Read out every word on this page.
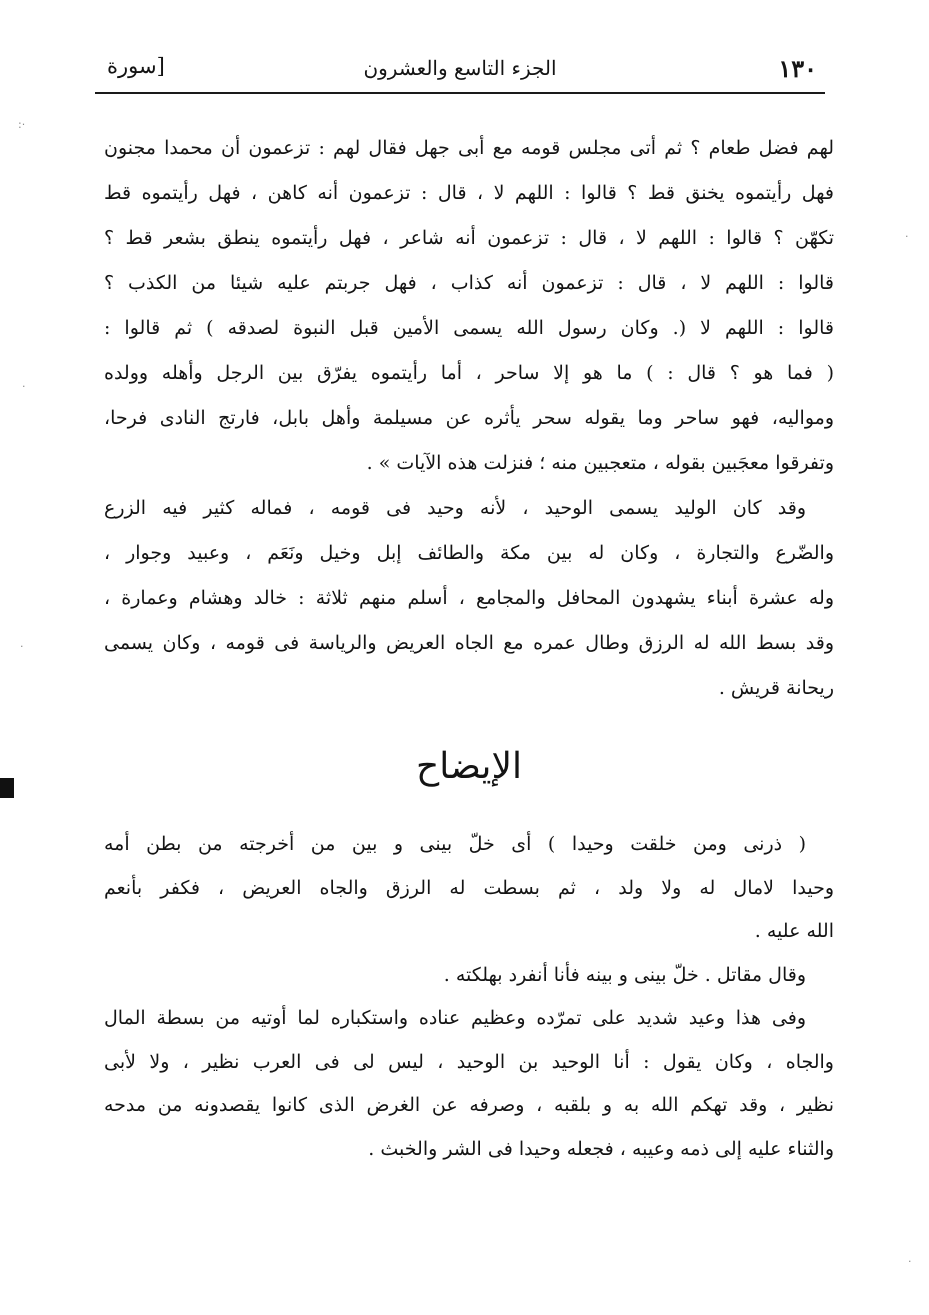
١٣٠
الجزء التاسع والعشرون
[سورة
لهم فضل طعام ؟ ثم أتى مجلس قومه مع أبى جهل فقال لهم : تزعمون أن محمدا مجنون
فهل رأيتموه يخنق قط ؟ قالوا : اللهم لا ، قال : تزعمون أنه كاهن ، فهل رأيتموه قط
تكهّن ؟ قالوا : اللهم لا ، قال : تزعمون أنه شاعر ، فهل رأيتموه ينطق بشعر قط ؟
قالوا : اللهم لا ، قال : تزعمون أنه كذاب ، فهل جربتم عليه شيئا من الكذب ؟
قالوا : اللهم لا (. وكان رسول الله يسمى الأمين قبل النبوة لصدقه ) ثم قالوا :
( فما هو ؟ قال : ) ما هو إلا ساحر ، أما رأيتموه يفرّق بين الرجل وأهله وولده
ومواليه، فهو ساحر وما يقوله سحر يأثره عن مسيلمة وأهل بابل، فارتج النادى فرحا،
وتفرقوا معجَبين بقوله ، متعجبين منه ؛ فنزلت هذه الآيات » .
وقد كان الوليد يسمى الوحيد ، لأنه وحيد فى قومه ، فماله كثير فيه الزرع
والضّرع والتجارة ، وكان له بين مكة والطائف إبل وخيل ونَعَم ، وعبيد وجوار ،
وله عشرة أبناء يشهدون المحافل والمجامع ، أسلم منهم ثلاثة : خالد وهشام وعمارة ،
وقد بسط الله له الرزق وطال عمره مع الجاه العريض والرياسة فى قومه ، وكان يسمى
ريحانة قريش .
الإيضاح
( ذرنى ومن خلقت وحيدا ) أى خلّ بينى و بين من أخرجته من بطن أمه
وحيدا لامال له ولا ولد ، ثم بسطت له الرزق والجاه العريض ، فكفر بأنعم
الله عليه .
وقال مقاتل . خلّ بينى و بينه فأنا أنفرد بهلكته .
وفى هذا وعيد شديد على تمرّده وعظيم عناده واستكباره لما أوتيه من بسطة المال
والجاه ، وكان يقول : أنا الوحيد بن الوحيد ، ليس لى فى العرب نظير ، ولا لأبى
نظير ، وقد تهكم الله به و بلقبه ، وصرفه عن الغرض الذى كانوا يقصدونه من مدحه
والثناء عليه إلى ذمه وعيبه ، فجعله وحيدا فى الشر والخبث .
·:
·
·
·
·
